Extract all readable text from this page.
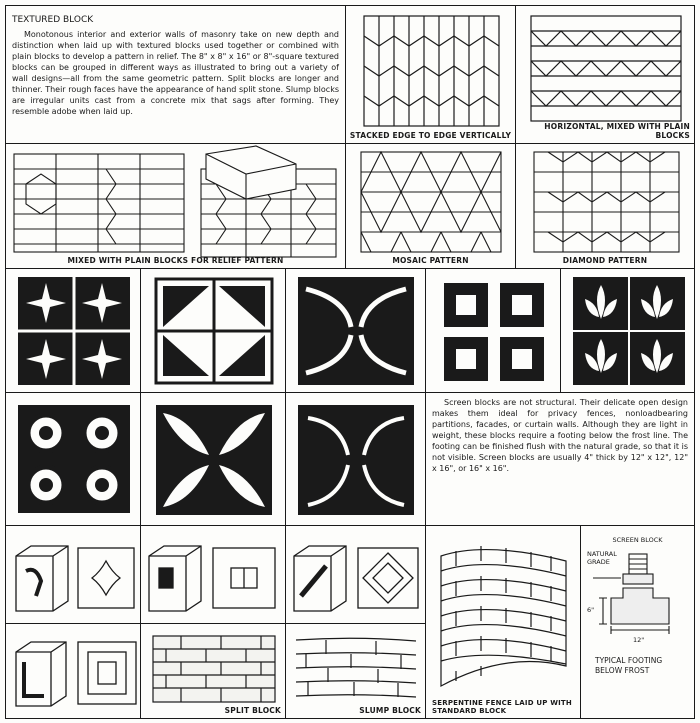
TEXTURED BLOCK

Monotonous interior and exterior walls of masonry take on new depth and distinction when laid up with textured blocks used together or combined with plain blocks to develop a pattern in relief. The 8" x 8" x 16" or 8"-square textured blocks can be grouped in different ways as illustrated to bring out a variety of wall designs—all from the same geometric pattern. Split blocks are longer and thinner. Their rough faces have the appearance of hand split stone. Slump blocks are irregular units cast from a concrete mix that sags after forming. They resemble adobe when laid up.

STACKED EDGE TO EDGE VERTICALLY
HORIZONTAL, MIXED WITH PLAIN BLOCKS
MIXED WITH PLAIN BLOCKS FOR RELIEF PATTERN	MOSAIC PATTERN	DIAMOND PATTERN

Screen blocks are not structural. Their delicate open design makes them ideal for privacy fences, nonloadbearing partitions, facades, or curtain walls. Although they are light in weight, these blocks require a footing below the frost line. The footing can be finished flush with the natural grade, so that it is not visible. Screen blocks are usually 4" thick by 12" x 12", 12" x 16", or 16" x 16".

SERPENTINE FENCE LAID UP WITH STANDARD BLOCK
SCREEN BLOCK
NATURAL GRADE
6"
12"
TYPICAL FOOTING BELOW FROST
SPLIT BLOCK	SLUMP BLOCK
